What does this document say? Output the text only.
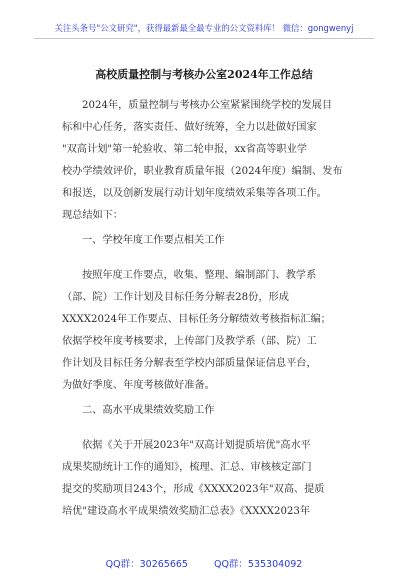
关注头条号"公文研究"，获得最新最全最专业的公文资料库！ 微信：gongwenyj
高校质量控制与考核办公室2024年工作总结
2024年，质量控制与考核办公室紧紧围绕学校的发展目
标和中心任务，落实责任、做好统筹，全力以赴做好国家
"双高计划"第一轮验收、第二轮申报，xx省高等职业学
校办学绩效评价，职业教育质量年报（2024年度）编制、发布
和报送，以及创新发展行动计划年度绩效采集等各项工作。
现总结如下：
一、学校年度工作要点相关工作
按照年度工作要点，收集、整理、编制部门、教学系
（部、院）工作计划及目标任务分解表28份，形成
XXXX2024年工作要点、目标任务分解绩效考核指标汇编；
依据学校年度考核要求，上传部门及教学系（部、院）工
作计划及目标任务分解表至学校内部质量保证信息平台，
为做好季度、年度考核做好准备。
二、高水平成果绩效奖励工作
依据《关于开展2023年"双高计划提质培优"高水平
成果奖励统计工作的通知》，梳理、汇总、审核核定部门
提交的奖励项目243个，形成《XXXX2023年"双高、提质
培优"建设高水平成果绩效奖励汇总表》《XXXX2023年
QQ群：30265665	QQ群：535304092
